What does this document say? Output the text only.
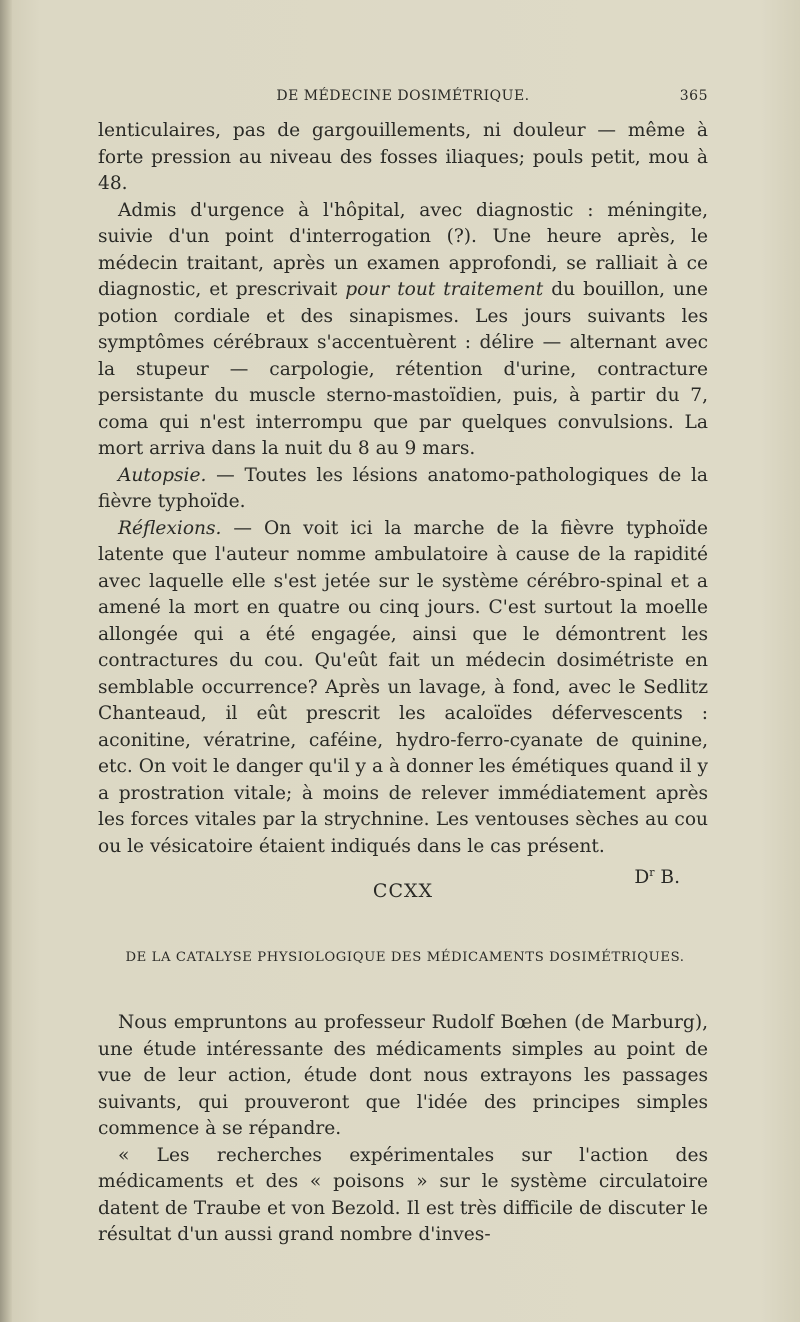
DE MÉDECINE DOSIMÉTRIQUE.	365

lenticulaires, pas de gargouillements, ni douleur — même à forte pression au niveau des fosses iliaques; pouls petit, mou à 48.

Admis d'urgence à l'hôpital, avec diagnostic : méningite, suivie d'un point d'interrogation (?). Une heure après, le médecin traitant, après un examen approfondi, se ralliait à ce diagnostic, et prescrivait pour tout traitement du bouillon, une potion cordiale et des sinapismes. Les jours suivants les symptômes cérébraux s'accentuèrent : délire — alternant avec la stupeur — carpologie, rétention d'urine, contracture persistante du muscle sterno-mastoïdien, puis, à partir du 7, coma qui n'est interrompu que par quelques convulsions. La mort arriva dans la nuit du 8 au 9 mars.

Autopsie. — Toutes les lésions anatomo-pathologiques de la fièvre typhoïde.

Réflexions. — On voit ici la marche de la fièvre typhoïde latente que l'auteur nomme ambulatoire à cause de la rapidité avec laquelle elle s'est jetée sur le système cérébro-spinal et a amené la mort en quatre ou cinq jours. C'est surtout la moelle allongée qui a été engagée, ainsi que le démontrent les contractures du cou. Qu'eût fait un médecin dosimétriste en semblable occurrence? Après un lavage, à fond, avec le Sedlitz Chanteaud, il eût prescrit les acaloïdes défervescents : aconitine, vératrine, caféine, hydro-ferro-cyanate de quinine, etc. On voit le danger qu'il y a à donner les émétiques quand il y a prostration vitale; à moins de relever immédiatement après les forces vitales par la strychnine. Les ventouses sèches au cou ou le vésicatoire étaient indiqués dans le cas présent.

$D^r$ B.

CCXX
DE LA CATALYSE PHYSIOLOGIQUE DES MÉDICAMENTS DOSIMÉTRIQUES.

Nous empruntons au professeur Rudolf Bœhen (de Marburg), une étude intéressante des médicaments simples au point de vue de leur action, étude dont nous extrayons les passages suivants, qui prouveront que l'idée des principes simples commence à se répandre.

« Les recherches expérimentales sur l'action des médicaments et des « poisons » sur le système circulatoire datent de Traube et von Bezold. Il est très difficile de discuter le résultat d'un aussi grand nombre d'inves-
